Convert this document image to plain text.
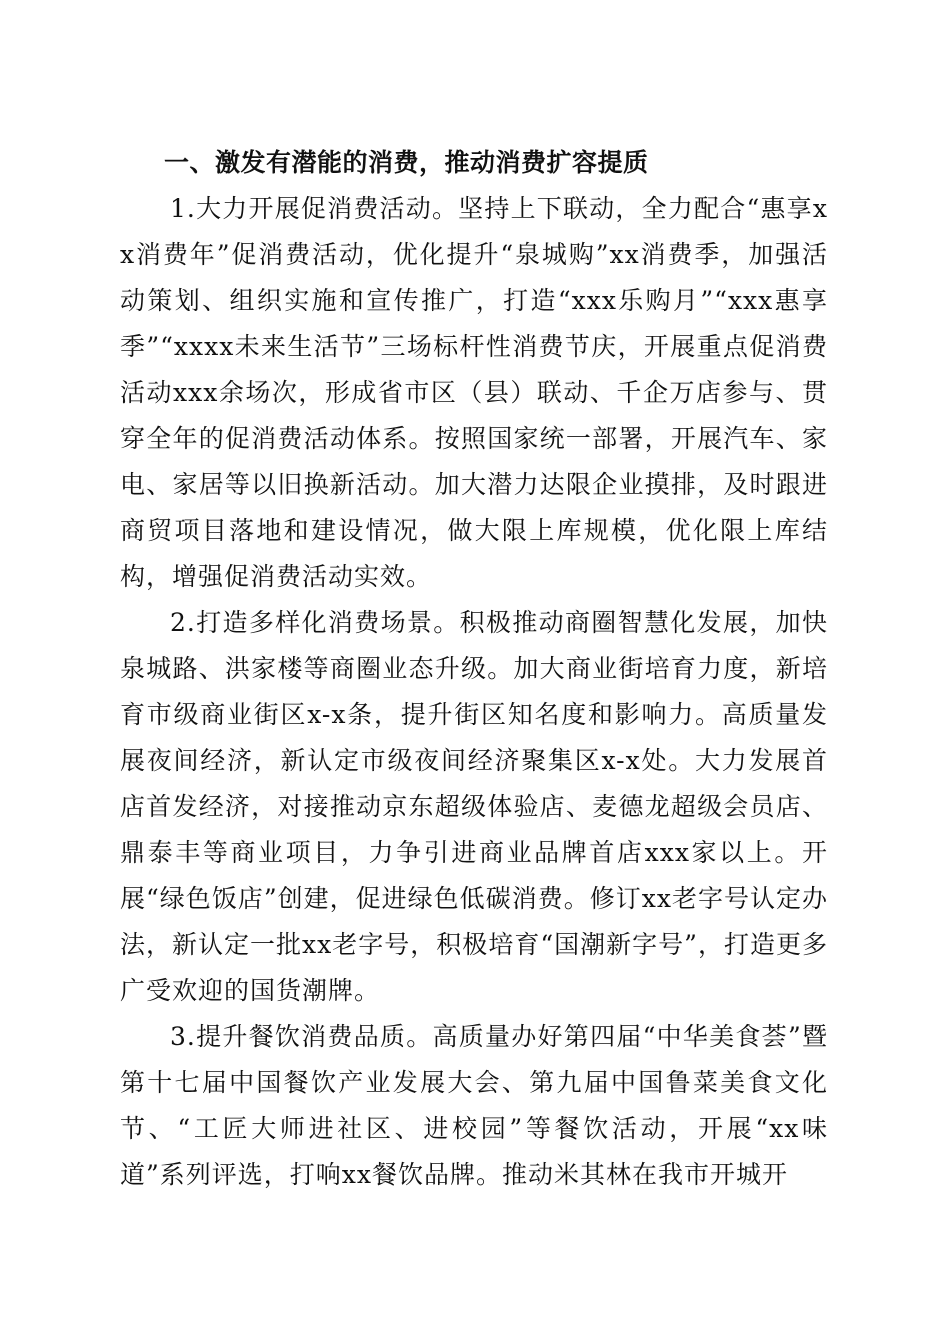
一、激发有潜能的消费，推动消费扩容提质

1.大力开展促消费活动。坚持上下联动，全力配合“惠享xx消费年”促消费活动，优化提升“泉城购”xx消费季，加强活动策划、组织实施和宣传推广，打造“xxx乐购月”“xxx惠享季”“xxxx未来生活节”三场标杆性消费节庆，开展重点促消费活动xxx余场次，形成省市区（县）联动、千企万店参与、贯穿全年的促消费活动体系。按照国家统一部署，开展汽车、家电、家居等以旧换新活动。加大潜力达限企业摸排，及时跟进商贸项目落地和建设情况，做大限上库规模，优化限上库结构，增强促消费活动实效。

2.打造多样化消费场景。积极推动商圈智慧化发展，加快泉城路、洪家楼等商圈业态升级。加大商业街培育力度，新培育市级商业街区x-x条，提升街区知名度和影响力。高质量发展夜间经济，新认定市级夜间经济聚集区x-x处。大力发展首店首发经济，对接推动京东超级体验店、麦德龙超级会员店、鼎泰丰等商业项目，力争引进商业品牌首店xxx家以上。开展“绿色饭店”创建，促进绿色低碳消费。修订xx老字号认定办法，新认定一批xx老字号，积极培育“国潮新字号”，打造更多广受欢迎的国货潮牌。

3.提升餐饮消费品质。高质量办好第四届“中华美食荟”暨第十七届中国餐饮产业发展大会、第九届中国鲁菜美食文化节、“工匠大师进社区、进校园”等餐饮活动，开展“xx味道”系列评选，打响xx餐饮品牌。推动米其林在我市开城开
